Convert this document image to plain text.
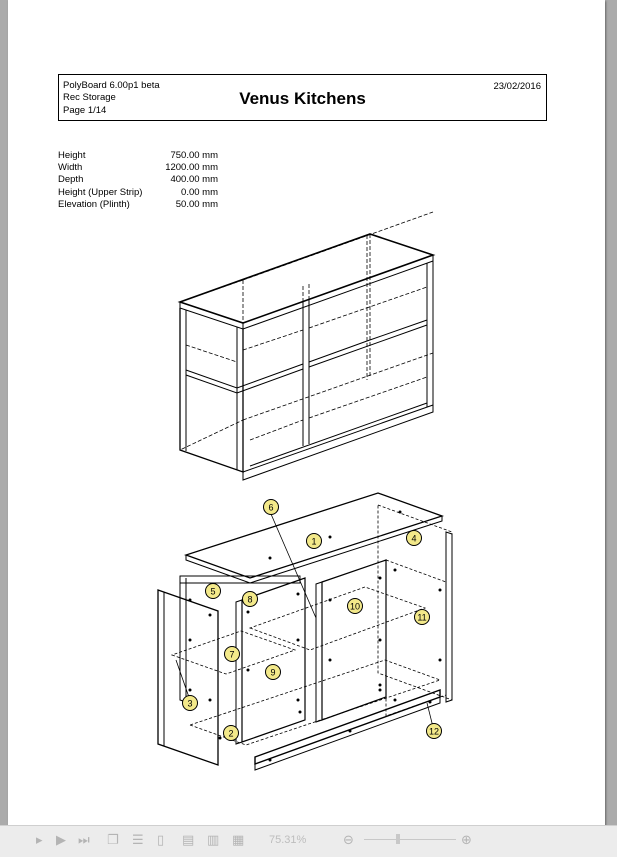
PolyBoard 6.00p1 beta
Rec Storage
Page 1/14
Venus Kitchens
23/02/2016
Height	750.00 mm
Width	1200.00 mm
Depth	400.00 mm
Height (Upper Strip)	0.00 mm
Elevation (Plinth)	50.00 mm
1
2
3
4
5
6
7
8
9
10
11
12
▸ ▶ ⏭ ❐ ☰ ▯ ▤ ▥ ▦ 75.31%	⊖	⊕
